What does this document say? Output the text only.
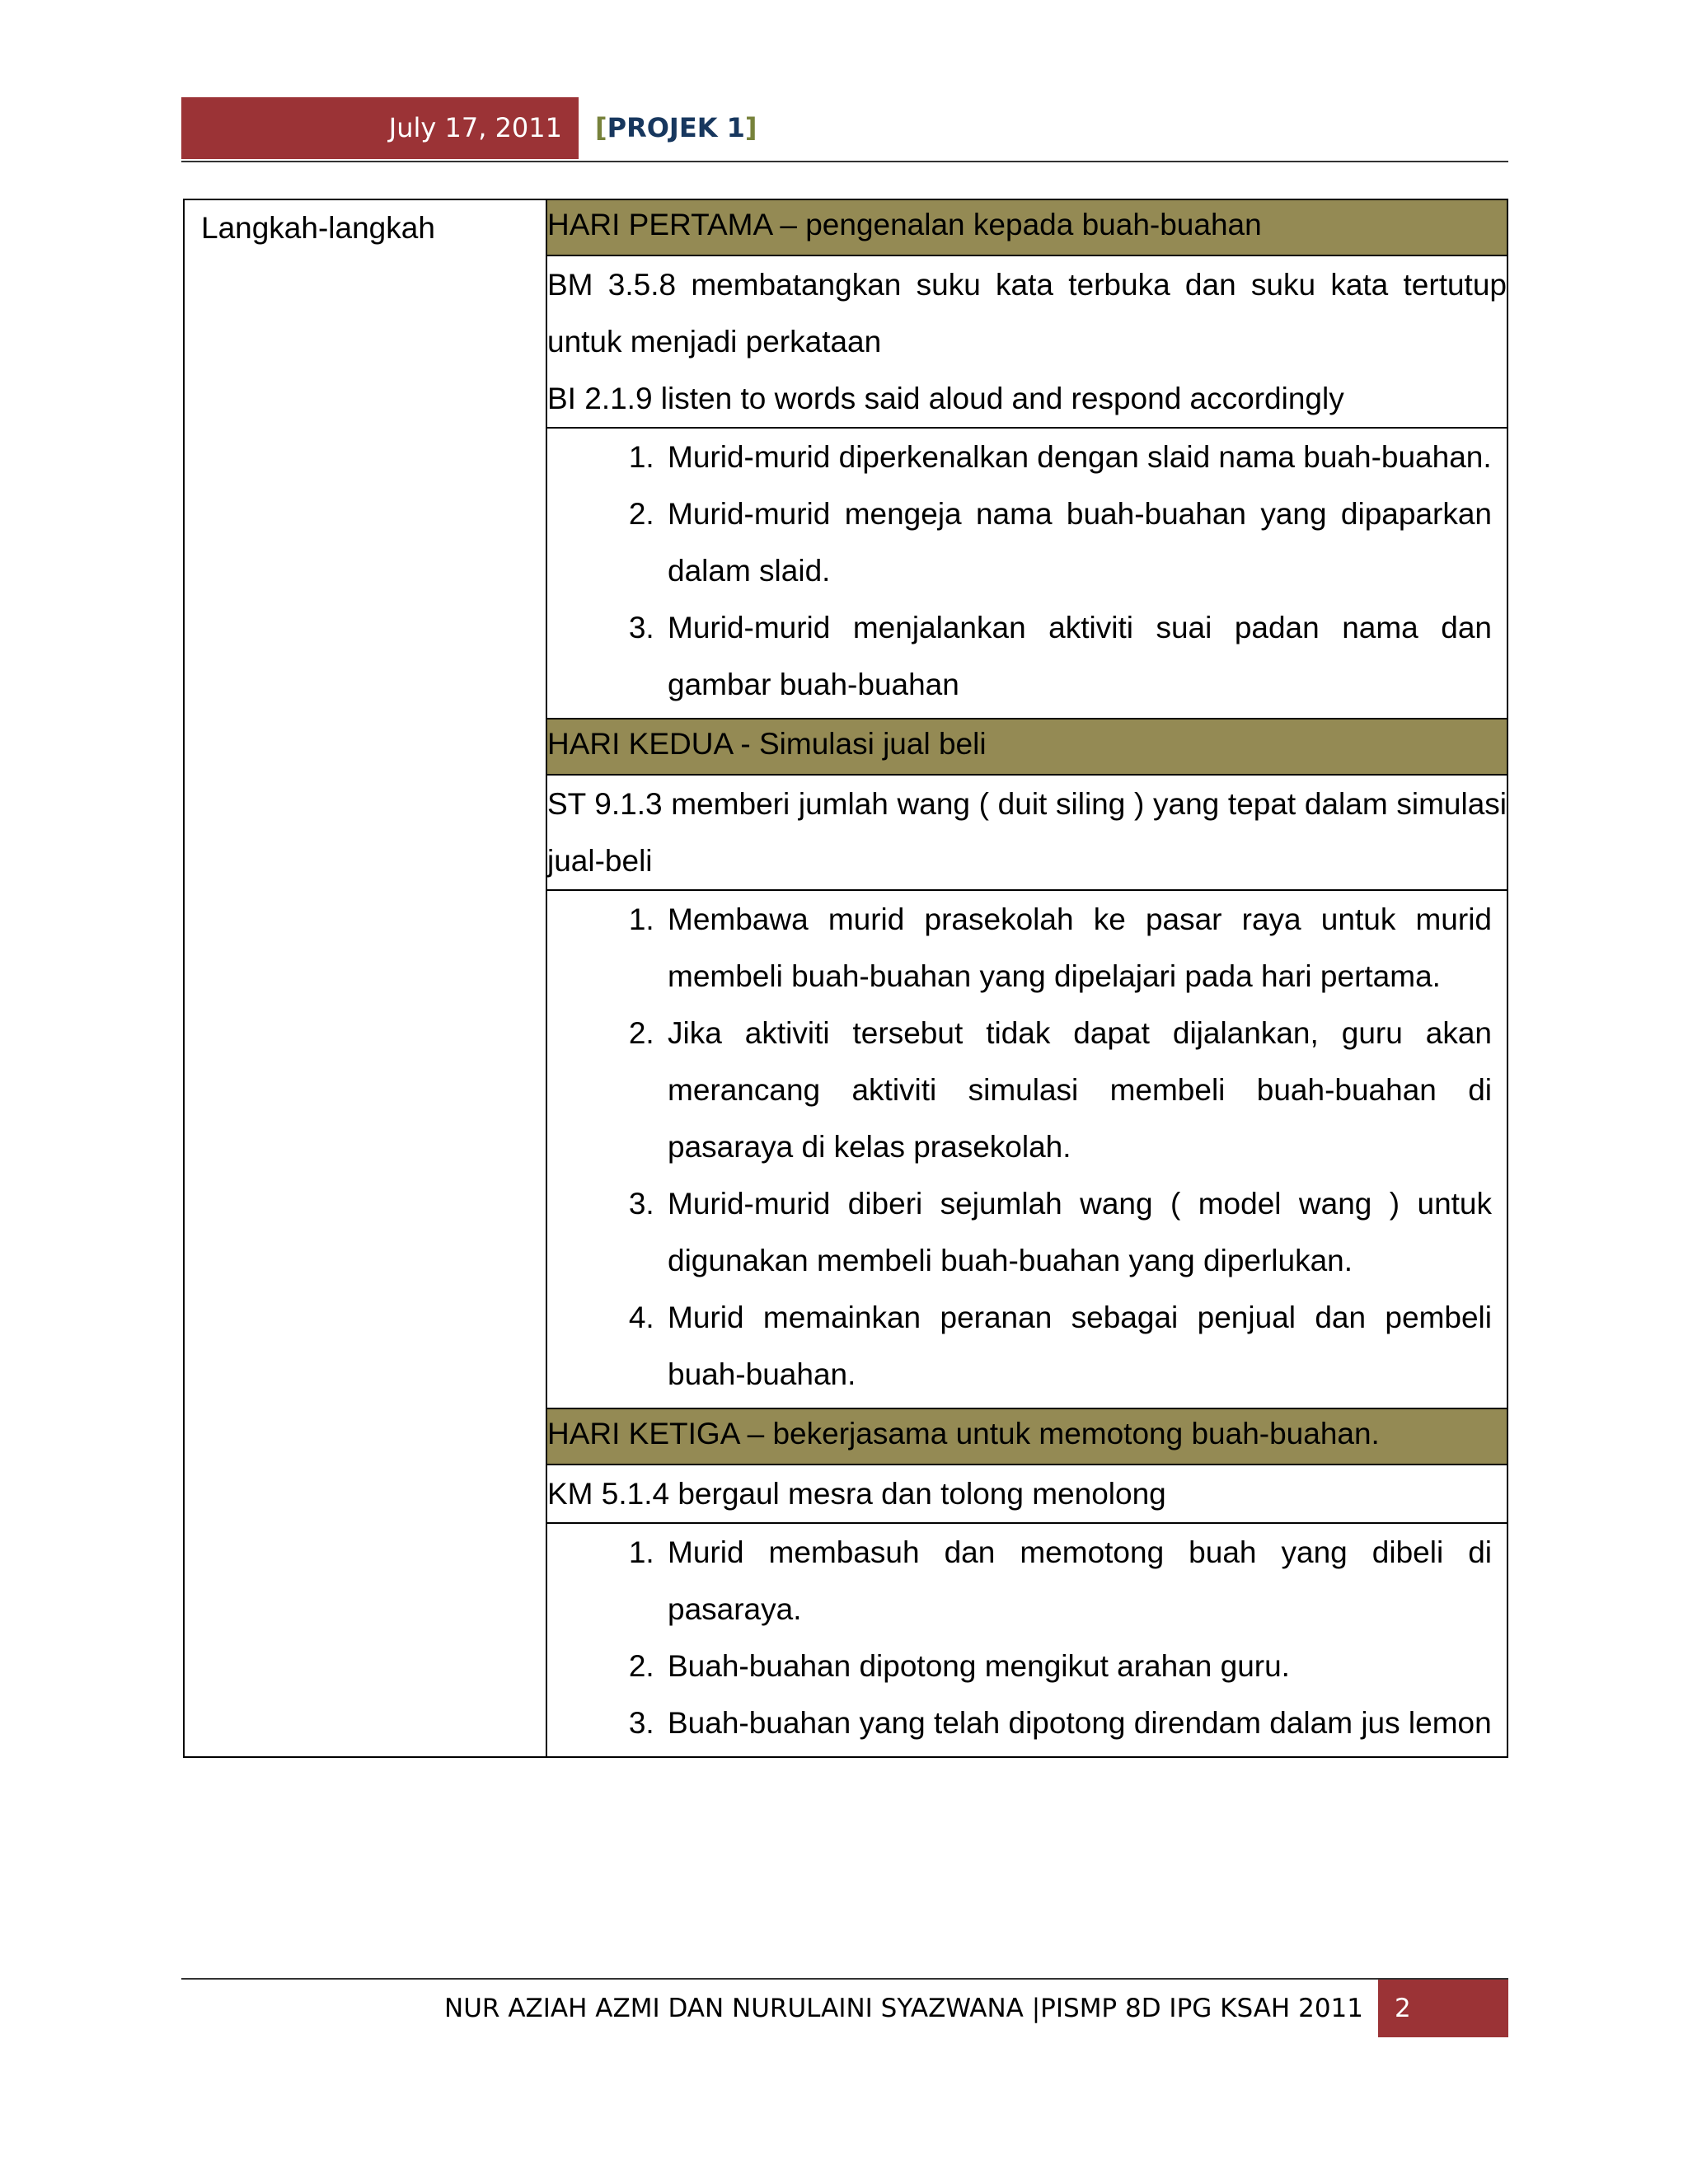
July 17, 2011	[PROJEK 1]
Langkah-langkah	HARI PERTAMA – pengenalan kepada buah-buahan

BM 3.5.8 membatangkan suku kata terbuka dan suku kata tertutup untuk menjadi perkataan
BI 2.1.9 listen to words said aloud and respond accordingly

1. Murid-murid diperkenalkan dengan slaid nama buah-buahan.
2. Murid-murid mengeja nama buah-buahan yang dipaparkan dalam slaid.
3. Murid-murid menjalankan aktiviti suai padan nama dan gambar buah-buahan

HARI KEDUA - Simulasi jual beli

ST 9.1.3 memberi jumlah wang ( duit siling ) yang tepat dalam simulasi jual-beli

1. Membawa murid prasekolah ke pasar raya untuk murid membeli buah-buahan yang dipelajari pada hari pertama.
2. Jika aktiviti tersebut tidak dapat dijalankan, guru akan merancang aktiviti simulasi membeli buah-buahan di pasaraya di kelas prasekolah.
3. Murid-murid diberi sejumlah wang ( model wang ) untuk digunakan membeli buah-buahan yang diperlukan.
4. Murid memainkan peranan sebagai penjual dan pembeli buah-buahan.

HARI KETIGA – bekerjasama untuk memotong buah-buahan.

KM 5.1.4 bergaul mesra dan tolong menolong

1. Murid membasuh dan memotong buah yang dibeli di pasaraya.
2. Buah-buahan dipotong mengikut arahan guru.
3. Buah-buahan yang telah dipotong direndam dalam jus lemon
NUR AZIAH AZMI DAN NURULAINI SYAZWANA |PISMP 8D IPG KSAH 2011	2
